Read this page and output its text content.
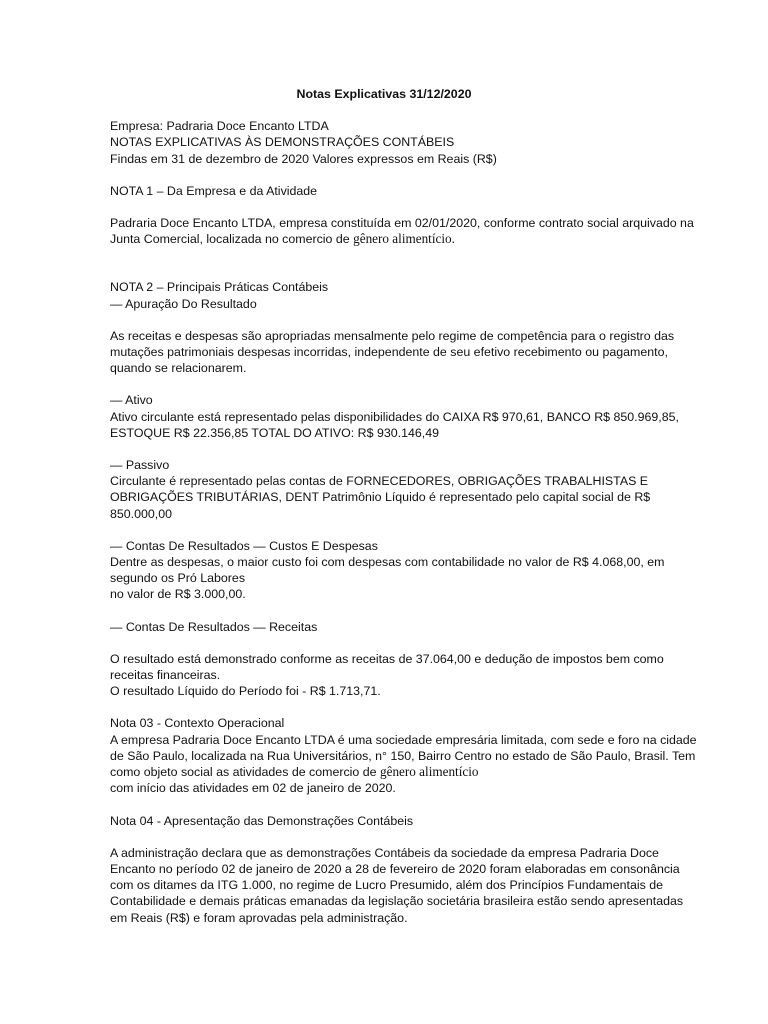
Notas Explicativas 31/12/2020

Empresa: Padraria Doce Encanto LTDA

NOTAS EXPLICATIVAS ÀS DEMONSTRAÇÕES CONTÁBEIS

Findas em 31 de dezembro de 2020 Valores expressos em Reais (R$)

NOTA 1 – Da Empresa e da Atividade

Padraria Doce Encanto LTDA, empresa constituída em 02/01/2020, conforme contrato social arquivado na Junta Comercial, localizada no comercio de gênero alimentício.

NOTA 2 – Principais Práticas Contábeis

— Apuração Do Resultado

As receitas e despesas são apropriadas mensalmente pelo regime de competência para o registro das mutações patrimoniais despesas incorridas, independente de seu efetivo recebimento ou pagamento, quando se relacionarem.

— Ativo

Ativo circulante está representado pelas disponibilidades do CAIXA R$ 970,61, BANCO R$ 850.969,85, ESTOQUE R$ 22.356,85 TOTAL DO ATIVO: R$ 930.146,49

— Passivo

Circulante é representado pelas contas de FORNECEDORES, OBRIGAÇÕES TRABALHISTAS E OBRIGAÇÕES TRIBUTÁRIAS, DENT Patrimônio Líquido é representado pelo capital social de R$ 850.000,00

— Contas De Resultados — Custos E Despesas

Dentre as despesas, o maior custo foi com despesas com contabilidade no valor de R$ 4.068,00, em segundo os Pró Labores

no valor de R$ 3.000,00.

— Contas De Resultados — Receitas

O resultado está demonstrado conforme as receitas de 37.064,00 e dedução de impostos bem como receitas financeiras.

O resultado Líquido do Período foi - R$ 1.713,71.

Nota 03 - Contexto Operacional

A empresa Padraria Doce Encanto LTDA é uma sociedade empresária limitada, com sede e foro na cidade de São Paulo, localizada na Rua Universitários, n° 150, Bairro Centro no estado de São Paulo, Brasil. Tem como objeto social as atividades de comercio de gênero alimentício

com início das atividades em 02 de janeiro de 2020.

Nota 04 - Apresentação das Demonstrações Contábeis

A administração declara que as demonstrações Contábeis da sociedade da empresa Padraria Doce Encanto no período 02 de janeiro de 2020 a 28 de fevereiro de 2020 foram elaboradas em consonância com os ditames da ITG 1.000, no regime de Lucro Presumido, além dos Princípios Fundamentais de Contabilidade e demais práticas emanadas da legislação societária brasileira estão sendo apresentadas em Reais (R$) e foram aprovadas pela administração.
